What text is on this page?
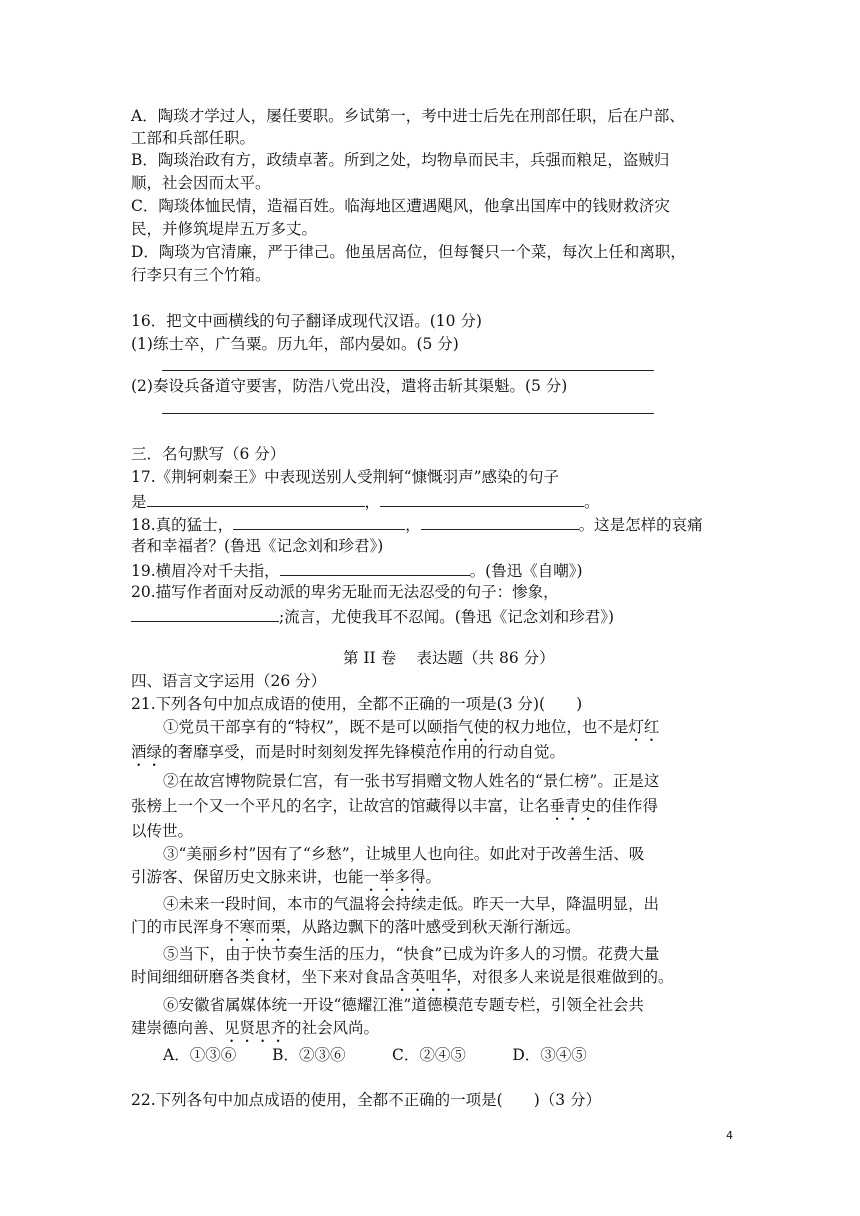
A．陶琰才学过人，屡任要职。乡试第一，考中进士后先在刑部任职，后在户部、
工部和兵部任职。
B．陶琰治政有方，政绩卓著。所到之处，均物阜而民丰，兵强而粮足，盗贼归
顺，社会因而太平。
C．陶琰体恤民情，造福百姓。临海地区遭遇飓风，他拿出国库中的钱财救济灾
民，并修筑堤岸五万多丈。
D．陶琰为官清廉，严于律己。他虽居高位，但每餐只一个菜，每次上任和离职，
行李只有三个竹箱。
16．把文中画横线的句子翻译成现代汉语。(10 分)
(1)练士卒，广刍粟。历九年，部内晏如。(5 分)
(2)奏设兵备道守要害，防浩八党出没，遣将击斩其渠魁。(5 分)
三．名句默写（6 分）
17.《荆轲刺秦王》中表现送别人受荆轲“慷慨羽声”感染的句子
是	，	。
18.真的猛士，	，	。这是怎样的哀痛
者和幸福者？(鲁迅《记念刘和珍君》)
19.横眉冷对千夫指，	。(鲁迅《自嘲》)
20.描写作者面对反动派的卑劣无耻而无法忍受的句子：惨象，
;流言，尤使我耳不忍闻。(鲁迅《记念刘和珍君》)
第 II 卷　 表达题（共 86 分）
四、语言文字运用（26 分）
21.下列各句中加点成语的使用，全都不正确的一项是(3 分)(　　)
①党员干部享有的“特权”，既不是可以颐指气使的权力地位，也不是灯红
酒绿的奢靡享受，而是时时刻刻发挥先锋模范作用的行动自觉。
②在故宫博物院景仁宫，有一张书写捐赠文物人姓名的“景仁榜”。正是这
张榜上一个又一个平凡的名字，让故宫的馆藏得以丰富，让名垂青史的佳作得
以传世。
③“美丽乡村”因有了“乡愁”，让城里人也向往。如此对于改善生活、吸
引游客、保留历史文脉来讲，也能一举多得。
④未来一段时间，本市的气温将会持续走低。昨天一大早，降温明显，出
门的市民浑身不寒而栗，从路边飘下的落叶感受到秋天渐行渐远。
⑤当下，由于快节奏生活的压力，“快食”已成为许多人的习惯。花费大量
时间细细研磨各类食材，坐下来对食品含英咀华，对很多人来说是很难做到的。
⑥安徽省属媒体统一开设“德耀江淮”道德模范专题专栏，引领全社会共
建崇德向善、见贤思齐的社会风尚。
A．①③⑥　　 B．②③⑥　　　C．②④⑤　　　D．③④⑤
22.下列各句中加点成语的使用，全都不正确的一项是(　　)（3 分）
4
